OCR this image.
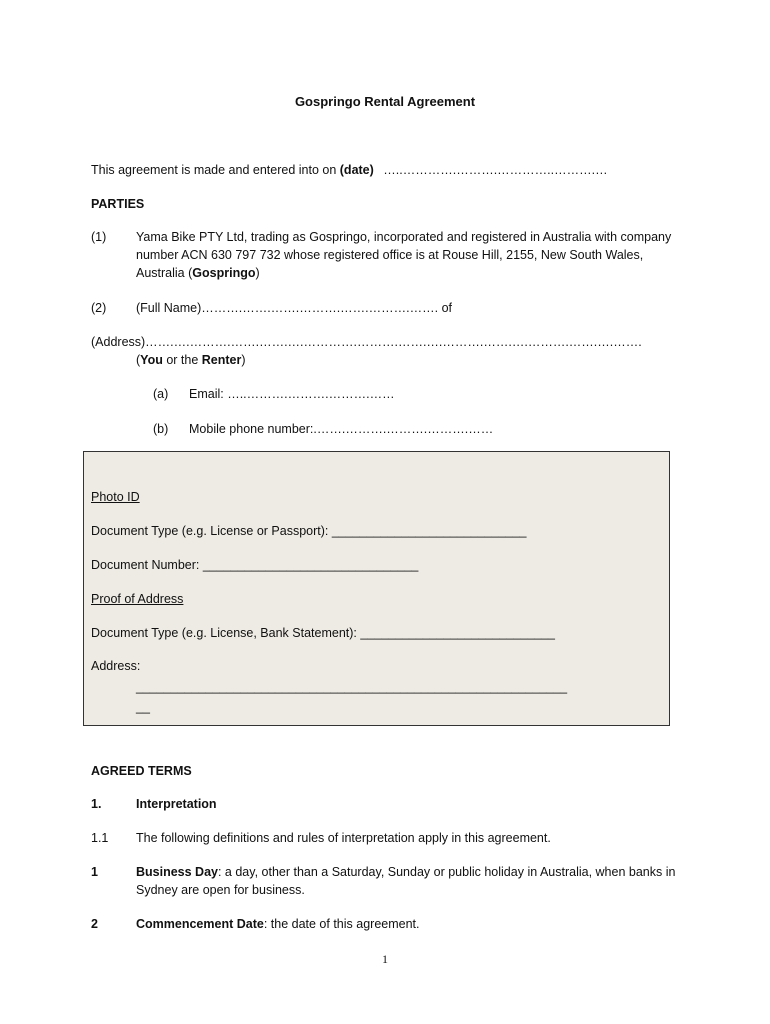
Gospringo Rental Agreement
This agreement is made and entered into on (date) …..………….……….…………..……….…
PARTIES
(1) Yama Bike PTY Ltd, trading as Gospringo, incorporated and registered in Australia with company number ACN 630 797 732 whose registered office is at Rouse Hill, 2155, New South Wales, Australia (Gospringo)
(2) (Full Name)……….…….…….……….…….……….……. of
(Address)…….….……….…….…….….………….……….…….….……….…….….……….…….….…….
(You or the Renter)
(a) Email: …..……….……….……….……
(b) Mobile phone number:.…….……….……….……….……
Photo ID
Document Type (e.g. License or Passport): ____________________________
Document Number: _______________________________
Proof of Address
Document Type (e.g. License, Bank Statement): ____________________________
Address:
______________________________________________________________
__
AGREED TERMS
1.	Interpretation
1.1 The following definitions and rules of interpretation apply in this agreement.
1	Business Day: a day, other than a Saturday, Sunday or public holiday in Australia, when banks in Sydney are open for business.
2	Commencement Date: the date of this agreement.
1
